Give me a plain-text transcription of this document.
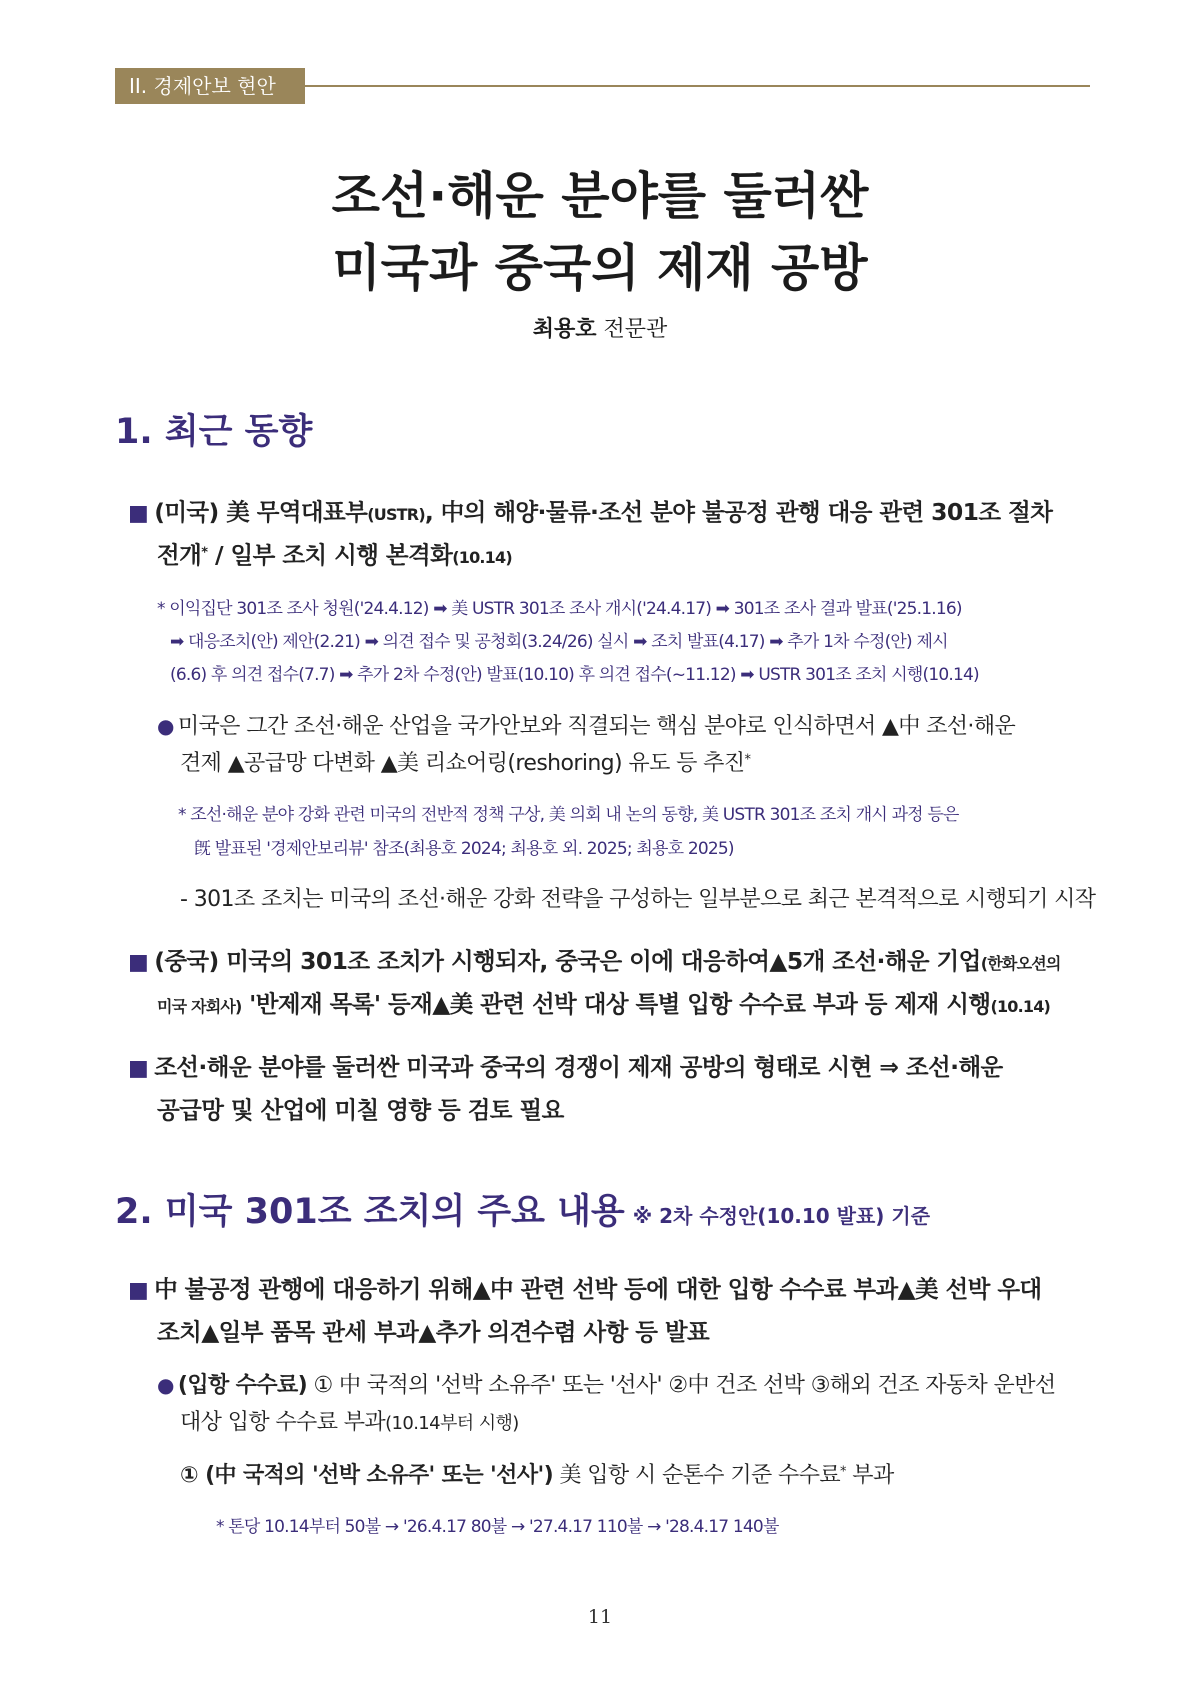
II. 경제안보 현안
조선·해운 분야를 둘러싼
미국과 중국의 제재 공방
최용호 전문관
1. 최근 동향
■ (미국) 美 무역대표부(USTR), 中의 해양·물류·조선 분야 불공정 관행 대응 관련 301조 절차
전개* / 일부 조치 시행 본격화(10.14)
* 이익집단 301조 조사 청원('24.4.12) ➡ 美 USTR 301조 조사 개시('24.4.17) ➡ 301조 조사 결과 발표('25.1.16)
➡ 대응조치(안) 제안(2.21) ➡ 의견 접수 및 공청회(3.24/26) 실시 ➡ 조치 발표(4.17) ➡ 추가 1차 수정(안) 제시
(6.6) 후 의견 접수(7.7) ➡ 추가 2차 수정(안) 발표(10.10) 후 의견 접수(~11.12) ➡ USTR 301조 조치 시행(10.14)
● 미국은 그간 조선·해운 산업을 국가안보와 직결되는 핵심 분야로 인식하면서 ▲中 조선·해운
견제 ▲공급망 다변화 ▲美 리쇼어링(reshoring) 유도 등 추진*
* 조선·해운 분야 강화 관련 미국의 전반적 정책 구상, 美 의회 내 논의 동향, 美 USTR 301조 조치 개시 과정 등은
旣 발표된 '경제안보리뷰' 참조(최용호 2024; 최용호 외. 2025; 최용호 2025)
- 301조 조치는 미국의 조선·해운 강화 전략을 구성하는 일부분으로 최근 본격적으로 시행되기 시작
■ (중국) 미국의 301조 조치가 시행되자, 중국은 이에 대응하여▲5개 조선·해운 기업(한화오션의
미국 자회사) '반제재 목록' 등재▲美 관련 선박 대상 특별 입항 수수료 부과 등 제재 시행(10.14)
■ 조선·해운 분야를 둘러싼 미국과 중국의 경쟁이 제재 공방의 형태로 시현 ⇒ 조선·해운
공급망 및 산업에 미칠 영향 등 검토 필요
2. 미국 301조 조치의 주요 내용 ※ 2차 수정안(10.10 발표) 기준
■ 中 불공정 관행에 대응하기 위해▲中 관련 선박 등에 대한 입항 수수료 부과▲美 선박 우대
조치▲일부 품목 관세 부과▲추가 의견수렴 사항 등 발표
● (입항 수수료) ① 中 국적의 '선박 소유주' 또는 '선사' ②中 건조 선박 ③해외 건조 자동차 운반선
대상 입항 수수료 부과(10.14부터 시행)
① (中 국적의 '선박 소유주' 또는 '선사') 美 입항 시 순톤수 기준 수수료* 부과
* 톤당 10.14부터 50불 → '26.4.17 80불 → '27.4.17 110불 → '28.4.17 140불
11
